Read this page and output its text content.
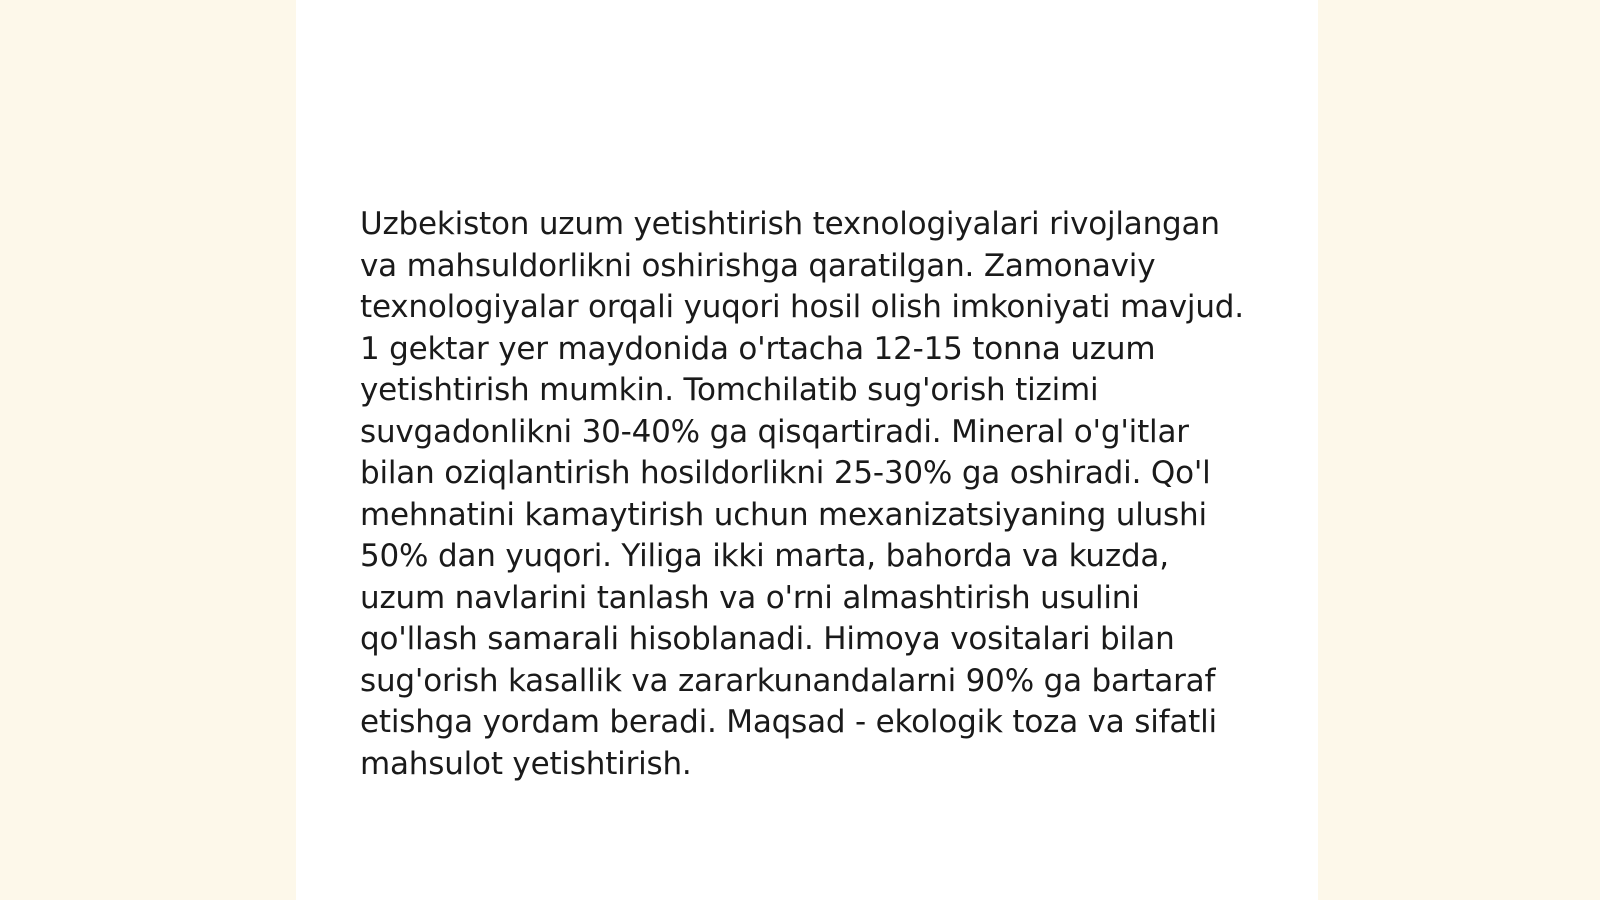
Uzbekiston uzum yetishtirish texnologiyalari rivojlangan va mahsuldorlikni oshirishga qaratilgan. Zamonaviy texnologiyalar orqali yuqori hosil olish imkoniyati mavjud. 1 gektar yer maydonida o'rtacha 12-15 tonna uzum yetishtirish mumkin. Tomchilatib sug'orish tizimi suvgadonlikni 30-40% ga qisqartiradi. Mineral o'g'itlar bilan oziqlantirish hosildorlikni 25-30% ga oshiradi. Qo'l mehnatini kamaytirish uchun mexanizatsiyaning ulushi 50% dan yuqori. Yiliga ikki marta, bahorda va kuzda, uzum navlarini tanlash va o'rni almashtirish usulini qo'llash samarali hisoblanadi. Himoya vositalari bilan sug'orish kasallik va zararkunandalarni 90% ga bartaraf etishga yordam beradi. Maqsad - ekologik toza va sifatli mahsulot yetishtirish.
